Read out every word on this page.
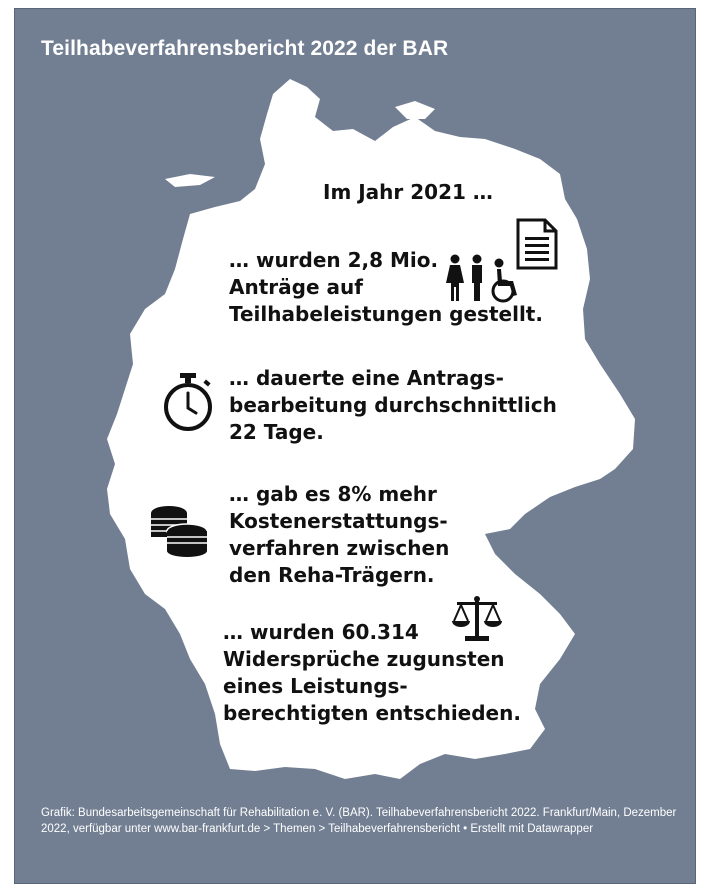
Teilhabeverfahrensbericht 2022 der BAR
Im Jahr 2021 …
… wurden 2,8 Mio.
Anträge auf
Teilhabeleistungen gestellt.
… dauerte eine Antrags-
bearbeitung durchschnittlich
22 Tage.
… gab es 8% mehr
Kostenerstattungs-
verfahren zwischen
den Reha-Trägern.
… wurden 60.314
Widersprüche zugunsten
eines Leistungs-
berechtigten entschieden.
Grafik: Bundesarbeitsgemeinschaft für Rehabilitation e. V. (BAR). Teilhabeverfahrensbericht 2022. Frankfurt/Main, Dezember 2022, verfügbar unter www.bar-frankfurt.de > Themen > Teilhabeverfahrensbericht • Erstellt mit Datawrapper
